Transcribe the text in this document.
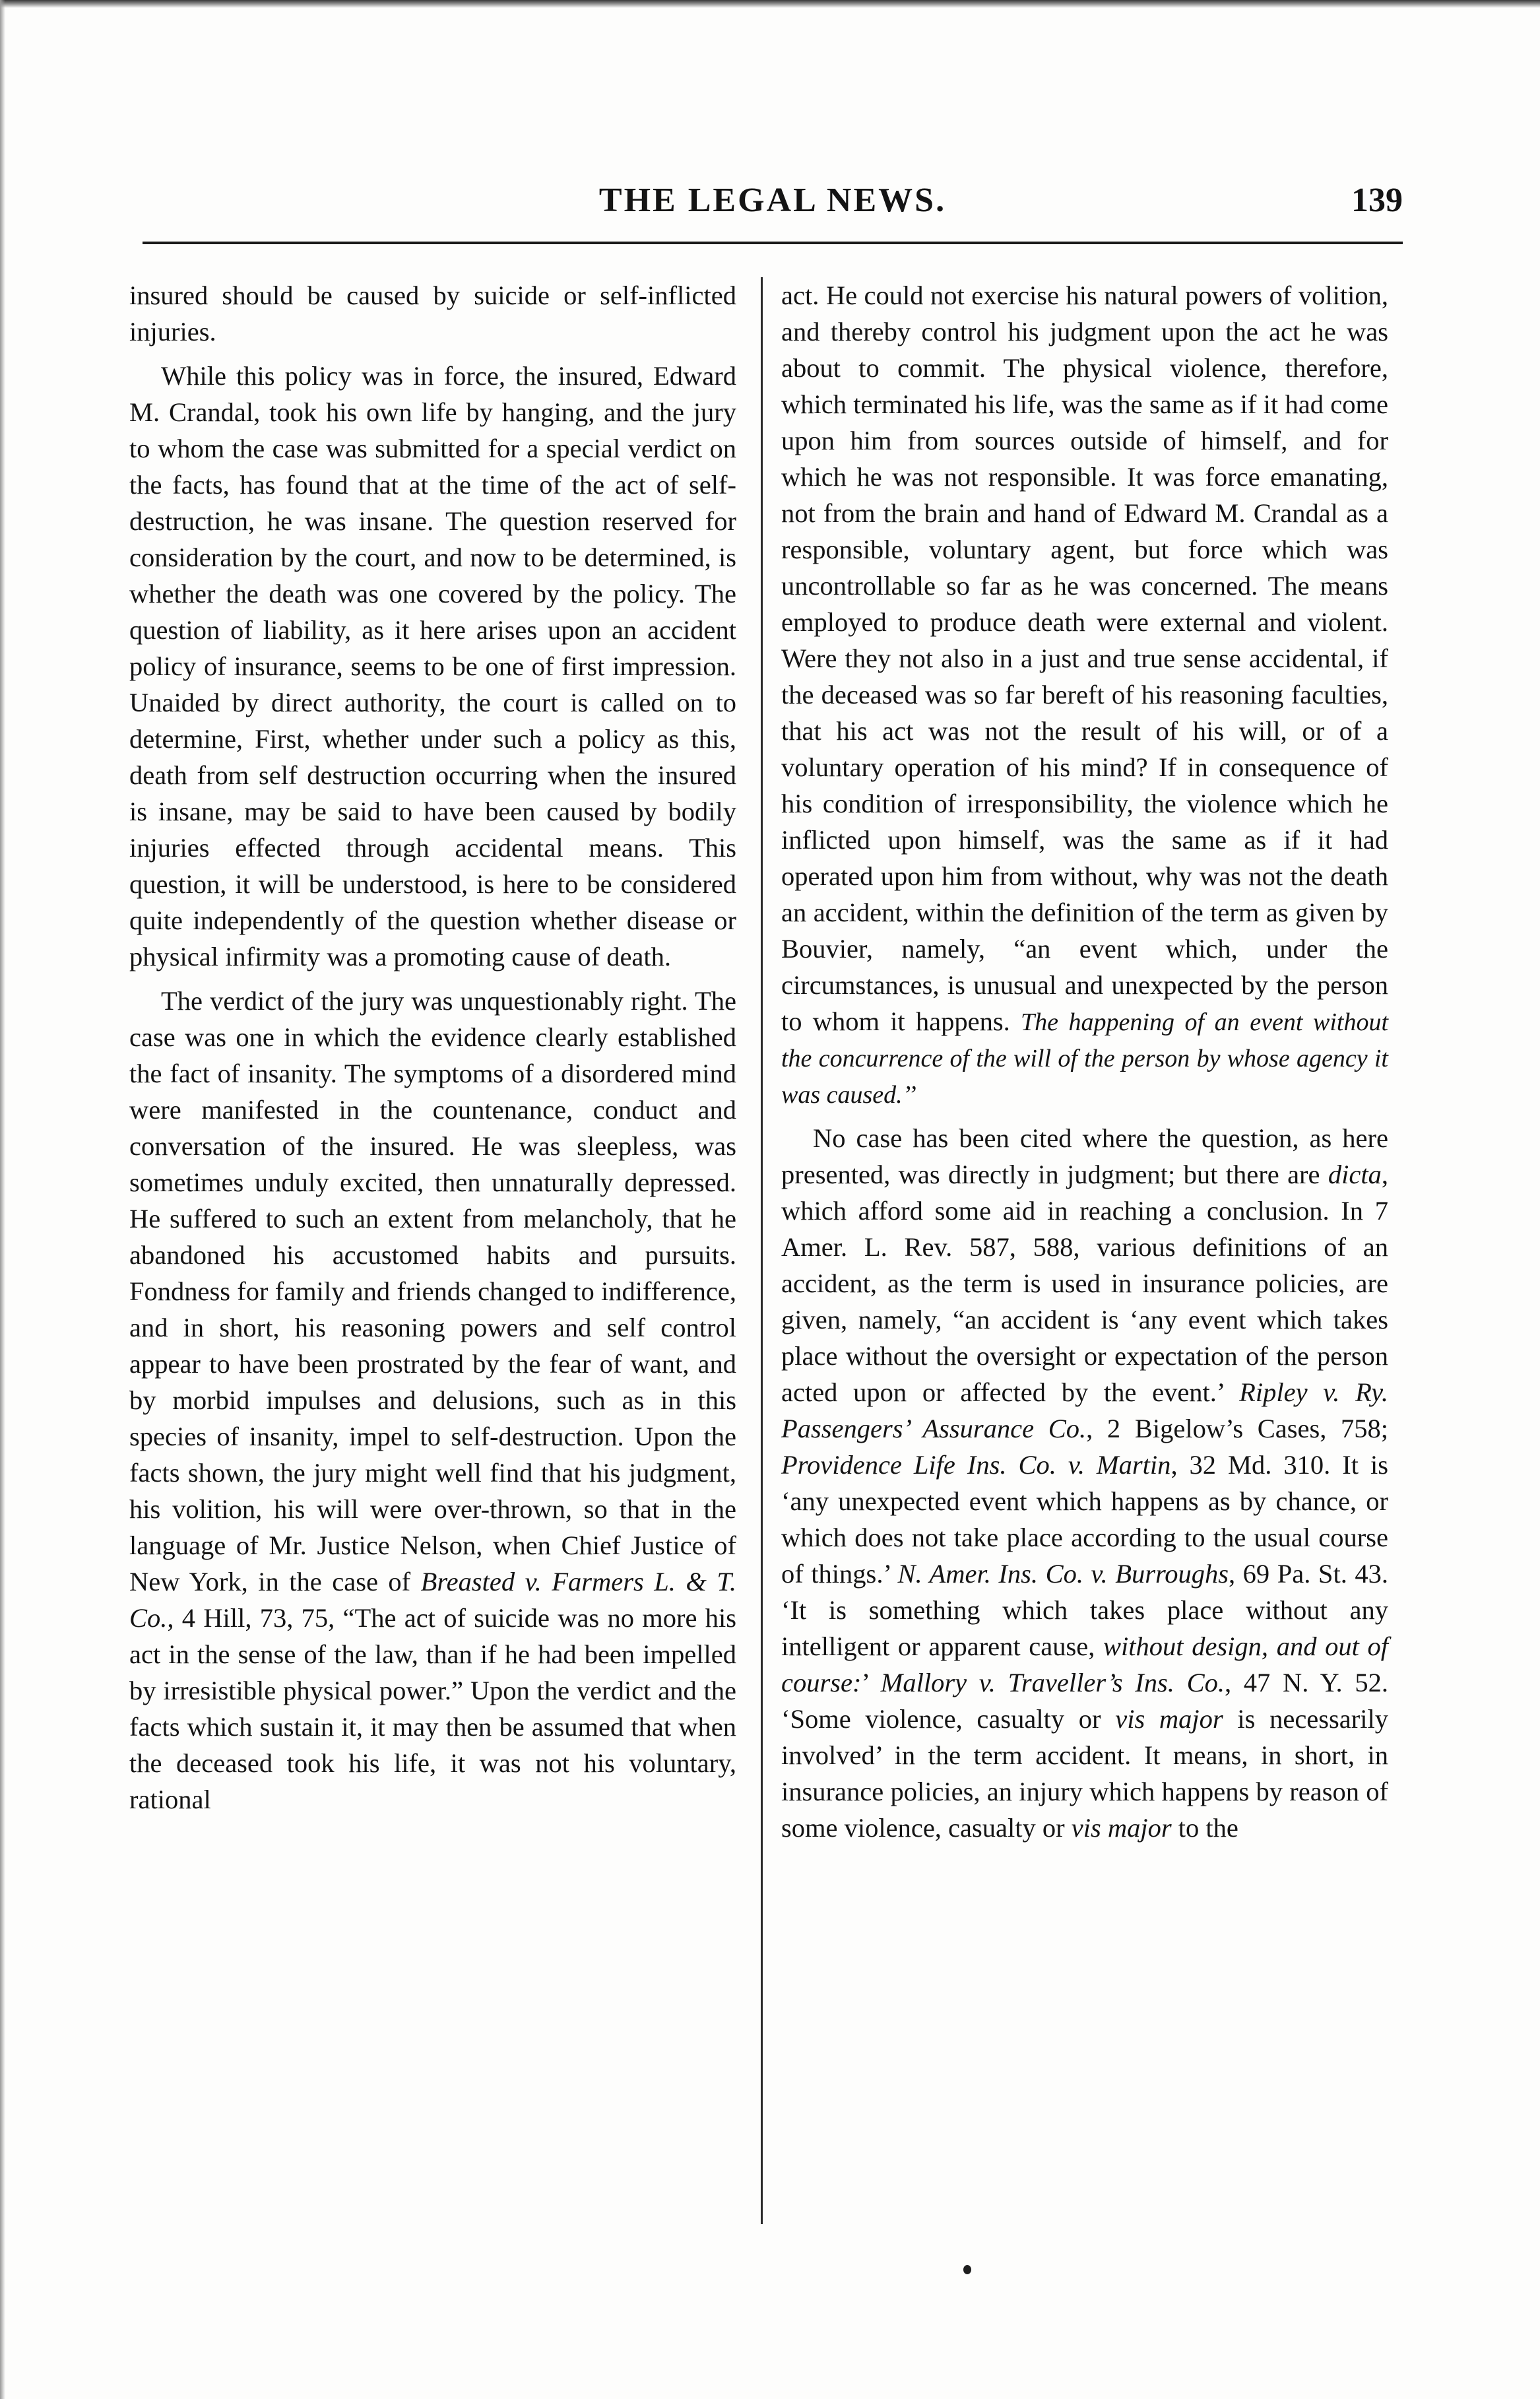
THE LEGAL NEWS.	139

insured should be caused by suicide or self-inflicted injuries.

While this policy was in force, the insured, Edward M. Crandal, took his own life by hanging, and the jury to whom the case was submitted for a special verdict on the facts, has found that at the time of the act of self-destruction, he was insane. The question reserved for consideration by the court, and now to be determined, is whether the death was one covered by the policy. The question of liability, as it here arises upon an accident policy of insurance, seems to be one of first impression. Unaided by direct authority, the court is called on to determine, First, whether under such a policy as this, death from self destruction occurring when the insured is insane, may be said to have been caused by bodily injuries effected through accidental means. This question, it will be understood, is here to be considered quite independently of the question whether disease or physical infirmity was a promoting cause of death.

The verdict of the jury was unquestionably right. The case was one in which the evidence clearly established the fact of insanity. The symptoms of a disordered mind were manifested in the countenance, conduct and conversation of the insured. He was sleepless, was sometimes unduly excited, then unnaturally depressed. He suffered to such an extent from melancholy, that he abandoned his accustomed habits and pursuits. Fondness for family and friends changed to indifference, and in short, his reasoning powers and self control appear to have been prostrated by the fear of want, and by morbid impulses and delusions, such as in this species of insanity, impel to self-destruction. Upon the facts shown, the jury might well find that his judgment, his volition, his will were over-thrown, so that in the language of Mr. Justice Nelson, when Chief Justice of New York, in the case of Breasted v. Farmers L. & T. Co., 4 Hill, 73, 75, “The act of suicide was no more his act in the sense of the law, than if he had been impelled by irresistible physical power.” Upon the verdict and the facts which sustain it, it may then be assumed that when the deceased took his life, it was not his voluntary, rational

act. He could not exercise his natural powers of volition, and thereby control his judgment upon the act he was about to commit. The physical violence, therefore, which terminated his life, was the same as if it had come upon him from sources outside of himself, and for which he was not responsible. It was force emanating, not from the brain and hand of Edward M. Crandal as a responsible, voluntary agent, but force which was uncontrollable so far as he was concerned. The means employed to produce death were external and violent. Were they not also in a just and true sense accidental, if the deceased was so far bereft of his reasoning faculties, that his act was not the result of his will, or of a voluntary operation of his mind? If in consequence of his condition of irresponsibility, the violence which he inflicted upon himself, was the same as if it had operated upon him from without, why was not the death an accident, within the definition of the term as given by Bouvier, namely, “an event which, under the circumstances, is unusual and unexpected by the person to whom it happens. The happening of an event without the concurrence of the will of the person by whose agency it was caused.’’

No case has been cited where the question, as here presented, was directly in judgment; but there are dicta, which afford some aid in reaching a conclusion. In 7 Amer. L. Rev. 587, 588, various definitions of an accident, as the term is used in insurance policies, are given, namely, “an accident is ‘any event which takes place without the oversight or expectation of the person acted upon or affected by the event.’ Ripley v. Ry. Passengers’ Assurance Co., 2 Bigelow’s Cases, 758; Providence Life Ins. Co. v. Martin, 32 Md. 310. It is ‘any unexpected event which happens as by chance, or which does not take place according to the usual course of things.’ N. Amer. Ins. Co. v. Burroughs, 69 Pa. St. 43. ‘It is something which takes place without any intelligent or apparent cause, without design, and out of course:’ Mallory v. Traveller’s Ins. Co., 47 N. Y. 52. ‘Some violence, casualty or vis major is necessarily involved’ in the term accident. It means, in short, in insurance policies, an injury which happens by reason of some violence, casualty or vis major to the
